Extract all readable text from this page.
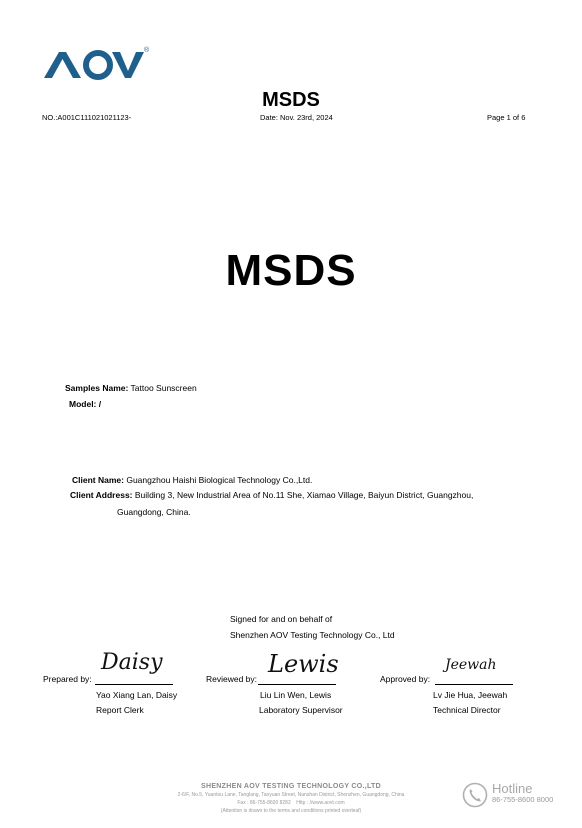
®
MSDS
NO.:A001C111021021123-	Date: Nov. 23rd, 2024	Page 1 of 6
MSDS
Samples Name: Tattoo Sunscreen
Model: /
Client Name: Guangzhou Haishi Biological Technology Co.,Ltd.
Client Address: Building 3, New Industrial Area of No.11 She, Xiamao Village, Baiyun District, Guangzhou,
Guangdong, China.
Signed for and on behalf of
Shenzhen AOV Testing Technology Co., Ltd
Prepared by:
Daisy
Yao Xiang Lan, Daisy
Report Clerk
Reviewed by:
Lewis
Liu Lin Wen, Lewis
Laboratory Supervisor
Approved by:
Jeewah
Lv Jie Hua, Jeewah
Technical Director
SHENZHEN AOV TESTING TECHNOLOGY CO.,LTD
2-6/F, No.5, Yuantou Lane, Tanglang, Taoyuan Street, Nanshan District, Shenzhen, Guangdong, China
Fax : 86-755-8600 8282    Http : //www.aovt.com
(Attention is drawn to the terms and conditions printed overleaf)
Hotline
86-755-8600 8000
